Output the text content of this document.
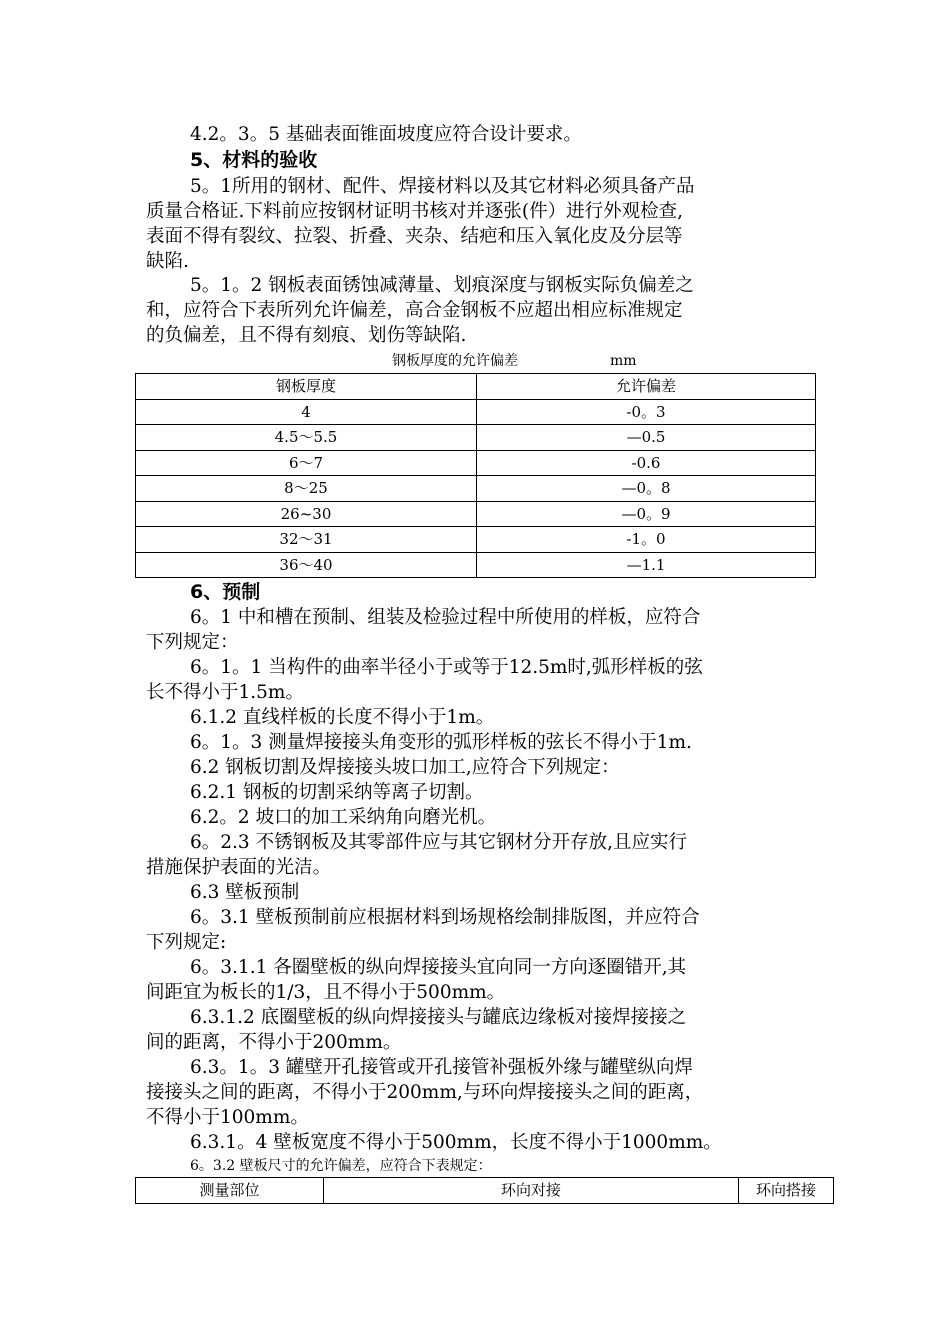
4.2。3。5 基础表面锥面坡度应符合设计要求。
5、材料的验收
5。1所用的钢材、配件、焊接材料以及其它材料必须具备产品
质量合格证.下料前应按钢材证明书核对并逐张(件）进行外观检查,
表面不得有裂纹、拉裂、折叠、夹杂、结疤和压入氧化皮及分层等
缺陷.
5。1。2 钢板表面锈蚀减薄量、划痕深度与钢板实际负偏差之
和，应符合下表所列允许偏差，高合金钢板不应超出相应标准规定
的负偏差，且不得有刻痕、划伤等缺陷.
钢板厚度的允许偏差	mm
钢板厚度	允许偏差
4	-0。3
4.5～5.5	—0.5
6～7	-0.6
8～25	—0。8
26~30	—0。9
32～31	-1。0
36～40	—1.1
6、预制
6。1 中和槽在预制、组装及检验过程中所使用的样板，应符合
下列规定：
6。1。1 当构件的曲率半径小于或等于12.5m时,弧形样板的弦
长不得小于1.5m。
6.1.2 直线样板的长度不得小于1m。
6。1。3 测量焊接接头角变形的弧形样板的弦长不得小于1m.
6.2 钢板切割及焊接接头坡口加工,应符合下列规定：
6.2.1 钢板的切割采纳等离子切割。
6.2。2 坡口的加工采纳角向磨光机。
6。2.3 不锈钢板及其零部件应与其它钢材分开存放,且应实行
措施保护表面的光洁。
6.3 壁板预制
6。3.1 壁板预制前应根据材料到场规格绘制排版图，并应符合
下列规定:
6。3.1.1 各圈壁板的纵向焊接接头宜向同一方向逐圈错开,其
间距宜为板长的1/3，且不得小于500mm。
6.3.1.2 底圈壁板的纵向焊接接头与罐底边缘板对接焊接接之
间的距离，不得小于200mm。
6.3。1。3 罐壁开孔接管或开孔接管补强板外缘与罐壁纵向焊
接接头之间的距离，不得小于200mm,与环向焊接接头之间的距离，
不得小于100mm。
6.3.1。4 壁板宽度不得小于500mm，长度不得小于1000mm。
6。3.2 壁板尺寸的允许偏差，应符合下表规定：
测量部位	环向对接	环向搭接
